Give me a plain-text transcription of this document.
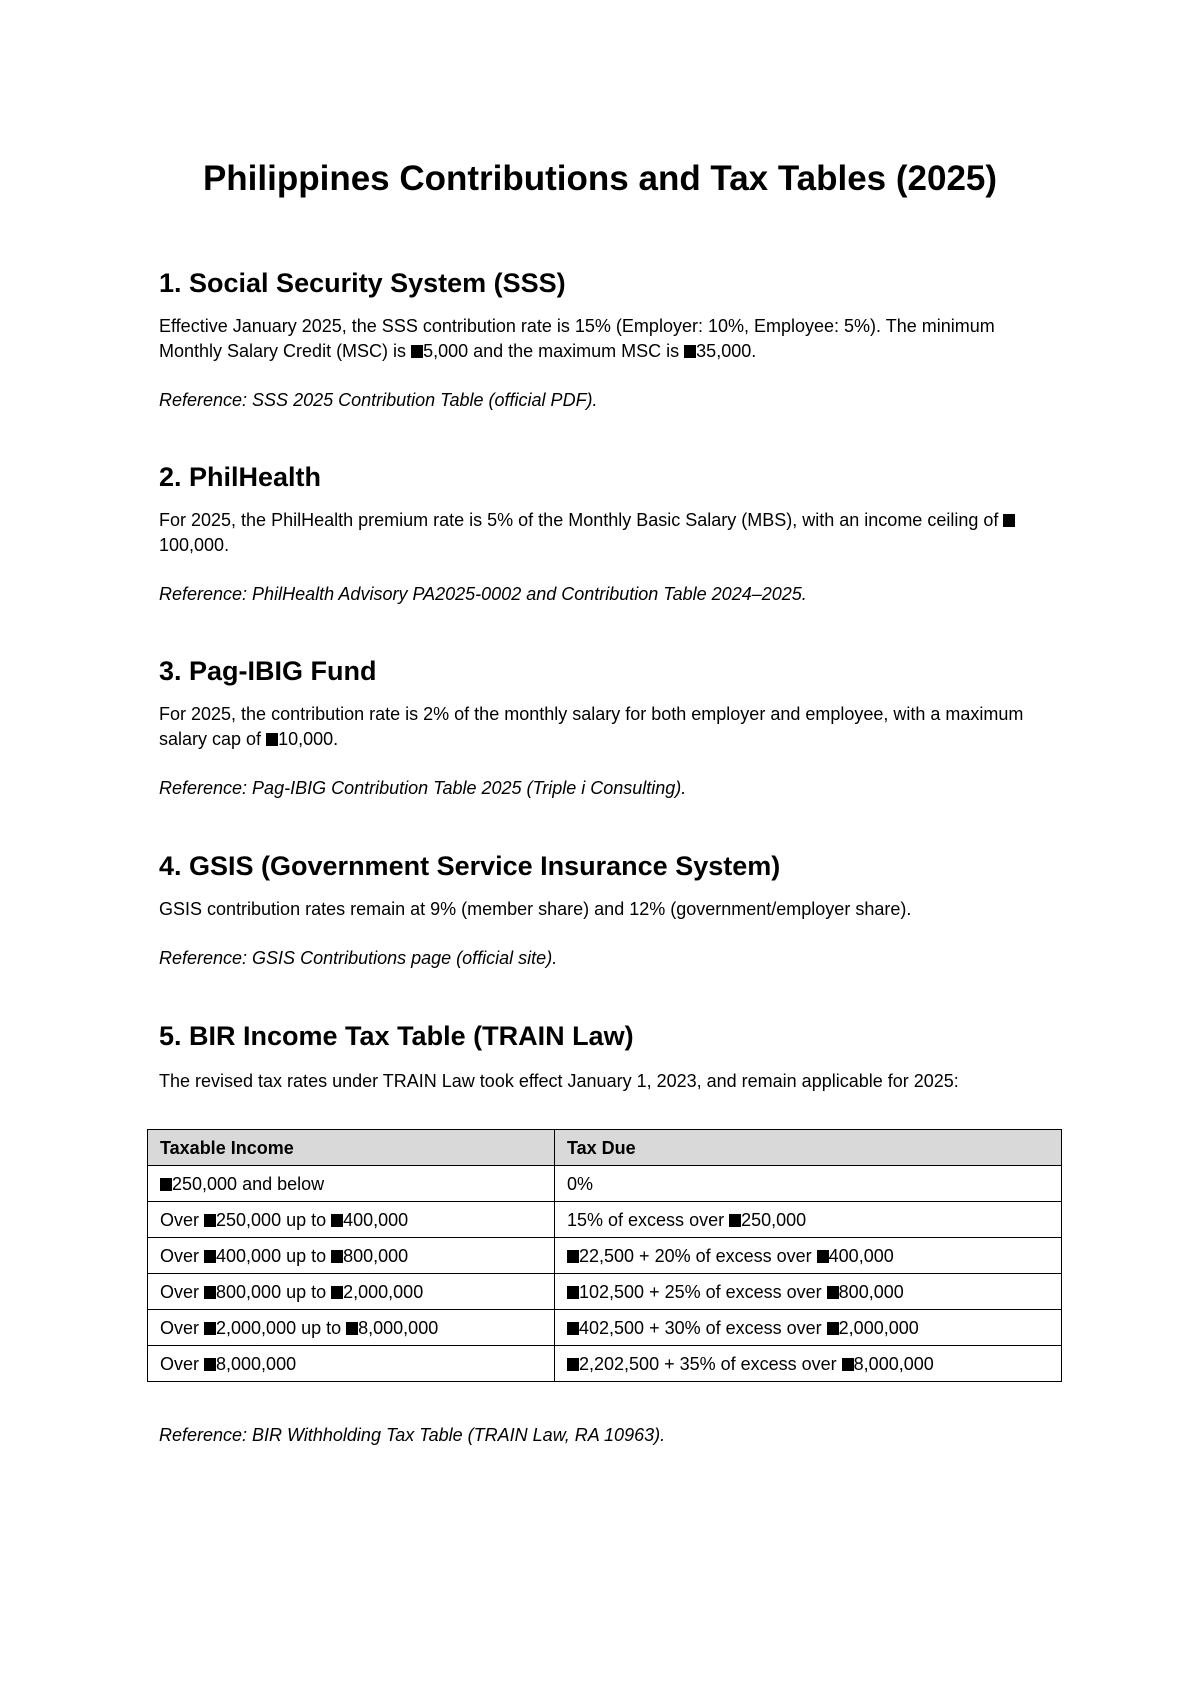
Philippines Contributions and Tax Tables (2025)
1. Social Security System (SSS)

Effective January 2025, the SSS contribution rate is 15% (Employer: 10%, Employee: 5%). The minimum Monthly Salary Credit (MSC) is 5,000 and the maximum MSC is 35,000.

Reference: SSS 2025 Contribution Table (official PDF).

2. PhilHealth

For 2025, the PhilHealth premium rate is 5% of the Monthly Basic Salary (MBS), with an income ceiling of 100,000.

Reference: PhilHealth Advisory PA2025-0002 and Contribution Table 2024–2025.

3. Pag-IBIG Fund

For 2025, the contribution rate is 2% of the monthly salary for both employer and employee, with a maximum salary cap of 10,000.

Reference: Pag-IBIG Contribution Table 2025 (Triple i Consulting).

4. GSIS (Government Service Insurance System)

GSIS contribution rates remain at 9% (member share) and 12% (government/employer share).

Reference: GSIS Contributions page (official site).

5. BIR Income Tax Table (TRAIN Law)

The revised tax rates under TRAIN Law took effect January 1, 2023, and remain applicable for 2025:

Taxable Income	Tax Due
250,000 and below	0%
Over 250,000 up to 400,000	15% of excess over 250,000
Over 400,000 up to 800,000	22,500 + 20% of excess over 400,000
Over 800,000 up to 2,000,000	102,500 + 25% of excess over 800,000
Over 2,000,000 up to 8,000,000	402,500 + 30% of excess over 2,000,000
Over 8,000,000	2,202,500 + 35% of excess over 8,000,000

Reference: BIR Withholding Tax Table (TRAIN Law, RA 10963).
